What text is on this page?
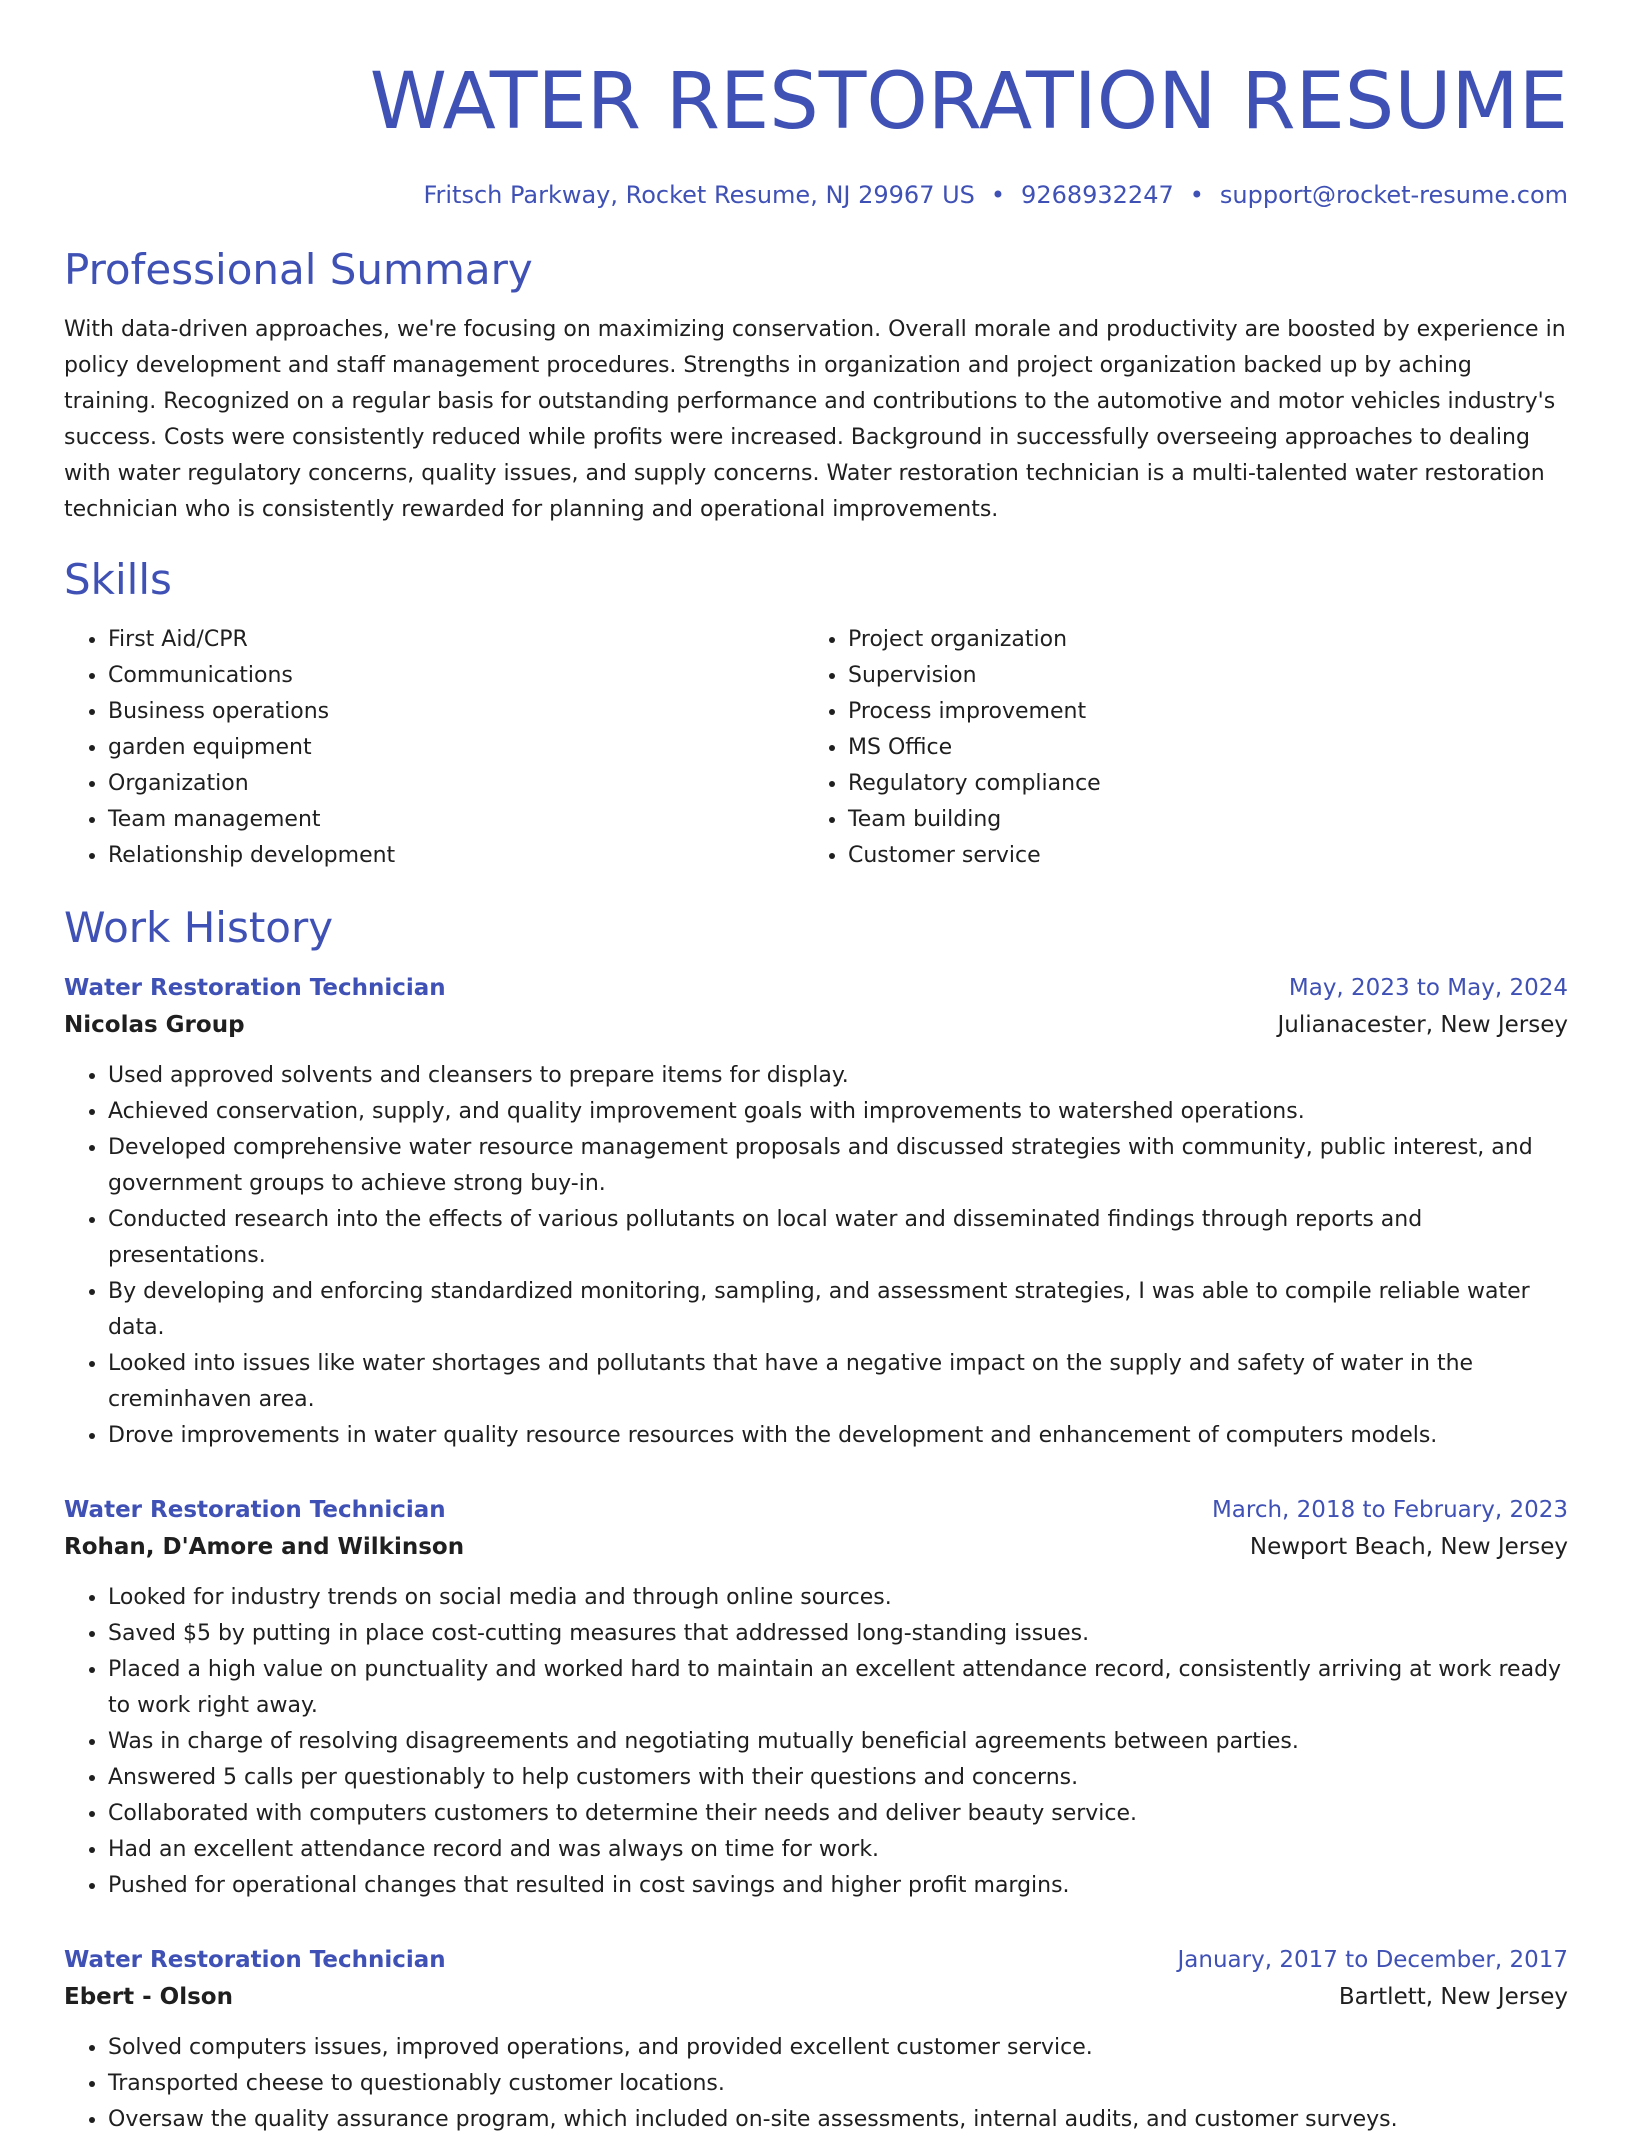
WATER RESTORATION RESUME
Fritsch Parkway, Rocket Resume, NJ 29967 US • 9268932247 • support@rocket-resume.com
Professional Summary

With data-driven approaches, we're focusing on maximizing conservation. Overall morale and productivity are boosted by experience in policy development and staff management procedures. Strengths in organization and project organization backed up by aching training. Recognized on a regular basis for outstanding performance and contributions to the automotive and motor vehicles industry's success. Costs were consistently reduced while profits were increased. Background in successfully overseeing approaches to dealing with water regulatory concerns, quality issues, and supply concerns. Water restoration technician is a multi-talented water restoration technician who is consistently rewarded for planning and operational improvements.

Skills
• First Aid/CPR
• Communications
• Business operations
• garden equipment
• Organization
• Team management
• Relationship development
• Project organization
• Supervision
• Process improvement
• MS Office
• Regulatory compliance
• Team building
• Customer service
Work History
Water Restoration Technician	May, 2023 to May, 2024
Nicolas Group	Julianacester, New Jersey
• Used approved solvents and cleansers to prepare items for display.
• Achieved conservation, supply, and quality improvement goals with improvements to watershed operations.
• Developed comprehensive water resource management proposals and discussed strategies with community, public interest, and government groups to achieve strong buy-in.
• Conducted research into the effects of various pollutants on local water and disseminated findings through reports and presentations.
• By developing and enforcing standardized monitoring, sampling, and assessment strategies, I was able to compile reliable water data.
• Looked into issues like water shortages and pollutants that have a negative impact on the supply and safety of water in the creminhaven area.
• Drove improvements in water quality resource resources with the development and enhancement of computers models.
Water Restoration Technician	March, 2018 to February, 2023
Rohan, D'Amore and Wilkinson	Newport Beach, New Jersey
• Looked for industry trends on social media and through online sources.
• Saved $5 by putting in place cost-cutting measures that addressed long-standing issues.
• Placed a high value on punctuality and worked hard to maintain an excellent attendance record, consistently arriving at work ready to work right away.
• Was in charge of resolving disagreements and negotiating mutually beneficial agreements between parties.
• Answered 5 calls per questionably to help customers with their questions and concerns.
• Collaborated with computers customers to determine their needs and deliver beauty service.
• Had an excellent attendance record and was always on time for work.
• Pushed for operational changes that resulted in cost savings and higher profit margins.
Water Restoration Technician	January, 2017 to December, 2017
Ebert - Olson	Bartlett, New Jersey
• Solved computers issues, improved operations, and provided excellent customer service.
• Transported cheese to questionably customer locations.
• Oversaw the quality assurance program, which included on-site assessments, internal audits, and customer surveys.
